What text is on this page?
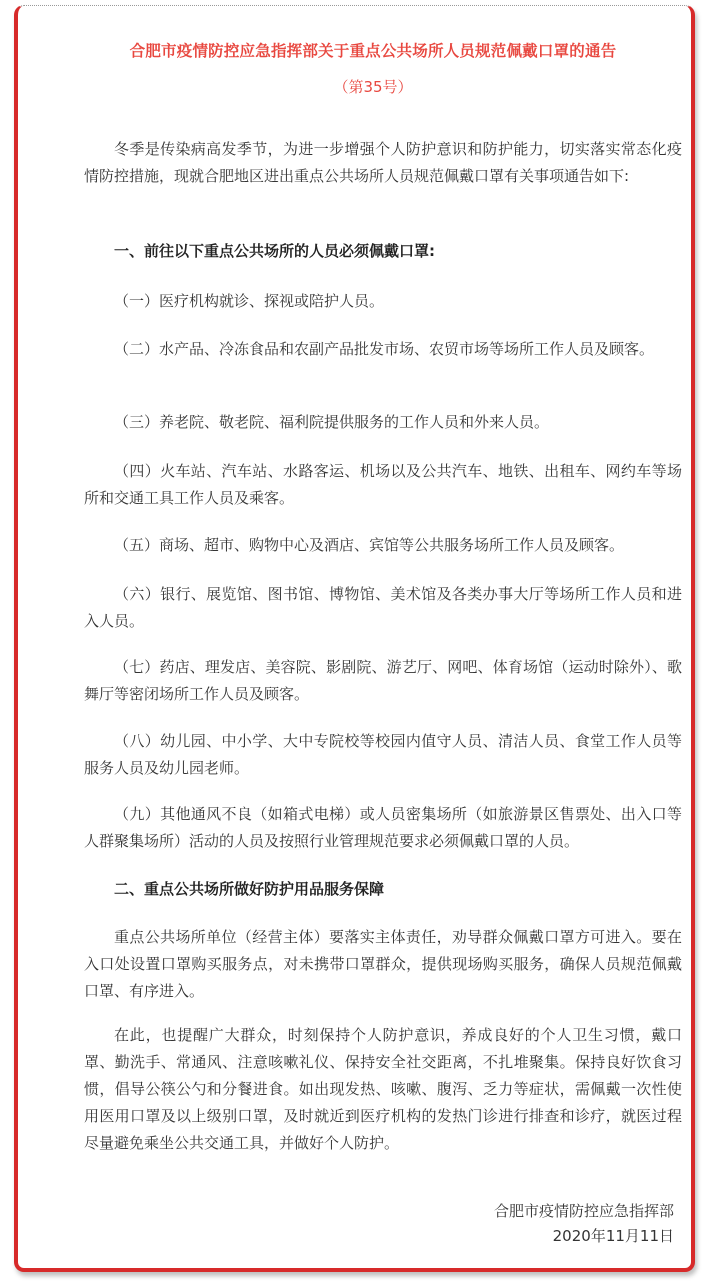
合肥市疫情防控应急指挥部关于重点公共场所人员规范佩戴口罩的通告
（第35号）

冬季是传染病高发季节，为进一步增强个人防护意识和防护能力，切实落实常态化疫情防控措施，现就合肥地区进出重点公共场所人员规范佩戴口罩有关事项通告如下:

一、前往以下重点公共场所的人员必须佩戴口罩:

（一）医疗机构就诊、探视或陪护人员。

（二）水产品、冷冻食品和农副产品批发市场、农贸市场等场所工作人员及顾客。

（三）养老院、敬老院、福利院提供服务的工作人员和外来人员。

（四）火车站、汽车站、水路客运、机场以及公共汽车、地铁、出租车、网约车等场所和交通工具工作人员及乘客。

（五）商场、超市、购物中心及酒店、宾馆等公共服务场所工作人员及顾客。

（六）银行、展览馆、图书馆、博物馆、美术馆及各类办事大厅等场所工作人员和进入人员。

（七）药店、理发店、美容院、影剧院、游艺厅、网吧、体育场馆（运动时除外）、歌舞厅等密闭场所工作人员及顾客。

（八）幼儿园、中小学、大中专院校等校园内值守人员、清洁人员、食堂工作人员等服务人员及幼儿园老师。

（九）其他通风不良（如箱式电梯）或人员密集场所（如旅游景区售票处、出入口等人群聚集场所）活动的人员及按照行业管理规范要求必须佩戴口罩的人员。

二、重点公共场所做好防护用品服务保障

重点公共场所单位（经营主体）要落实主体责任，劝导群众佩戴口罩方可进入。要在入口处设置口罩购买服务点，对未携带口罩群众，提供现场购买服务，确保人员规范佩戴口罩、有序进入。

在此，也提醒广大群众，时刻保持个人防护意识，养成良好的个人卫生习惯，戴口罩、勤洗手、常通风、注意咳嗽礼仪、保持安全社交距离，不扎堆聚集。保持良好饮食习惯，倡导公筷公勺和分餐进食。如出现发热、咳嗽、腹泻、乏力等症状，需佩戴一次性使用医用口罩及以上级别口罩，及时就近到医疗机构的发热门诊进行排查和诊疗，就医过程尽量避免乘坐公共交通工具，并做好个人防护。

合肥市疫情防控应急指挥部
2020年11月11日
